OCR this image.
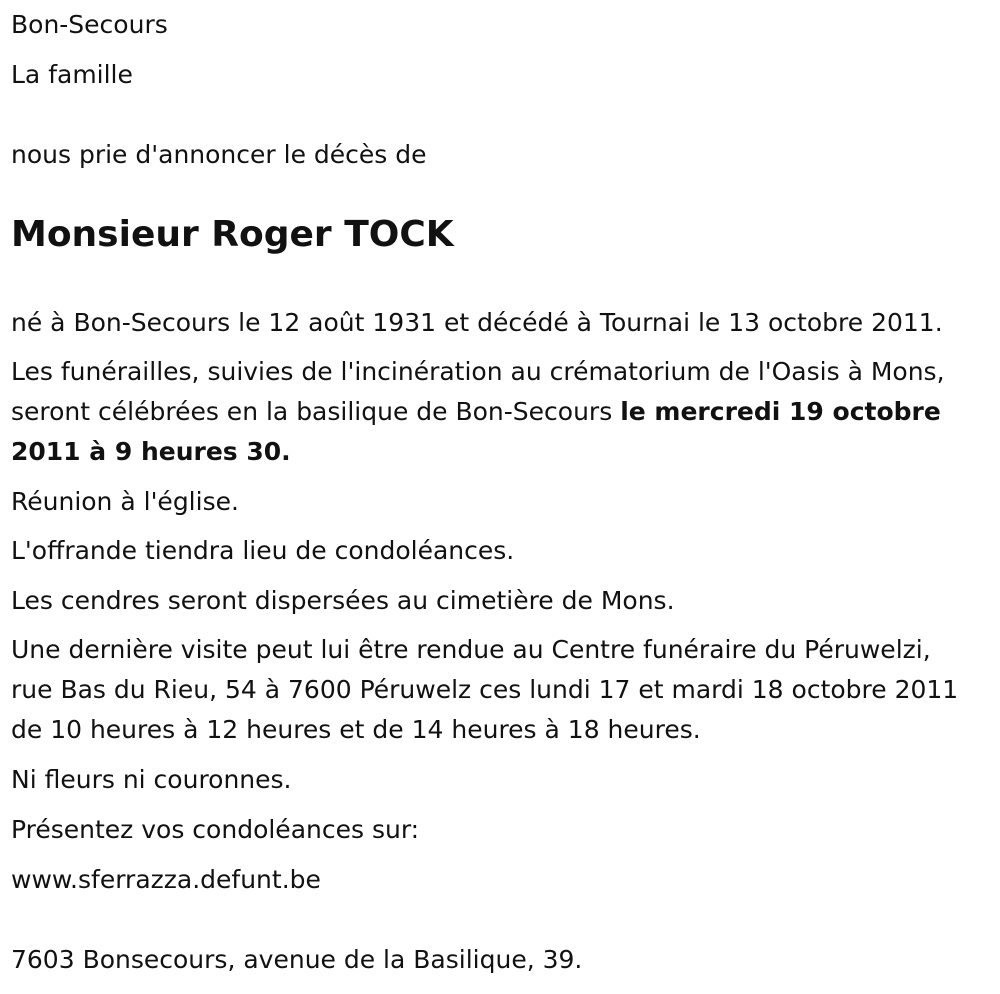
Bon-Secours

La famille

nous prie d'annoncer le décès de

Monsieur Roger TOCK

né à Bon-Secours le 12 août 1931 et décédé à Tournai le 13 octobre 2011.

Les funérailles, suivies de l'incinération au crématorium de l'Oasis à Mons, seront célébrées en la basilique de Bon-Secours le mercredi 19 octobre 2011 à 9 heures 30.

Réunion à l'église.

L'offrande tiendra lieu de condoléances.

Les cendres seront dispersées au cimetière de Mons.

Une dernière visite peut lui être rendue au Centre funéraire du Péruwelzi, rue Bas du Rieu, 54 à 7600 Péruwelz ces lundi 17 et mardi 18 octobre 2011 de 10 heures à 12 heures et de 14 heures à 18 heures.

Ni fleurs ni couronnes.

Présentez vos condoléances sur:

www.sferrazza.defunt.be

7603 Bonsecours, avenue de la Basilique, 39.
